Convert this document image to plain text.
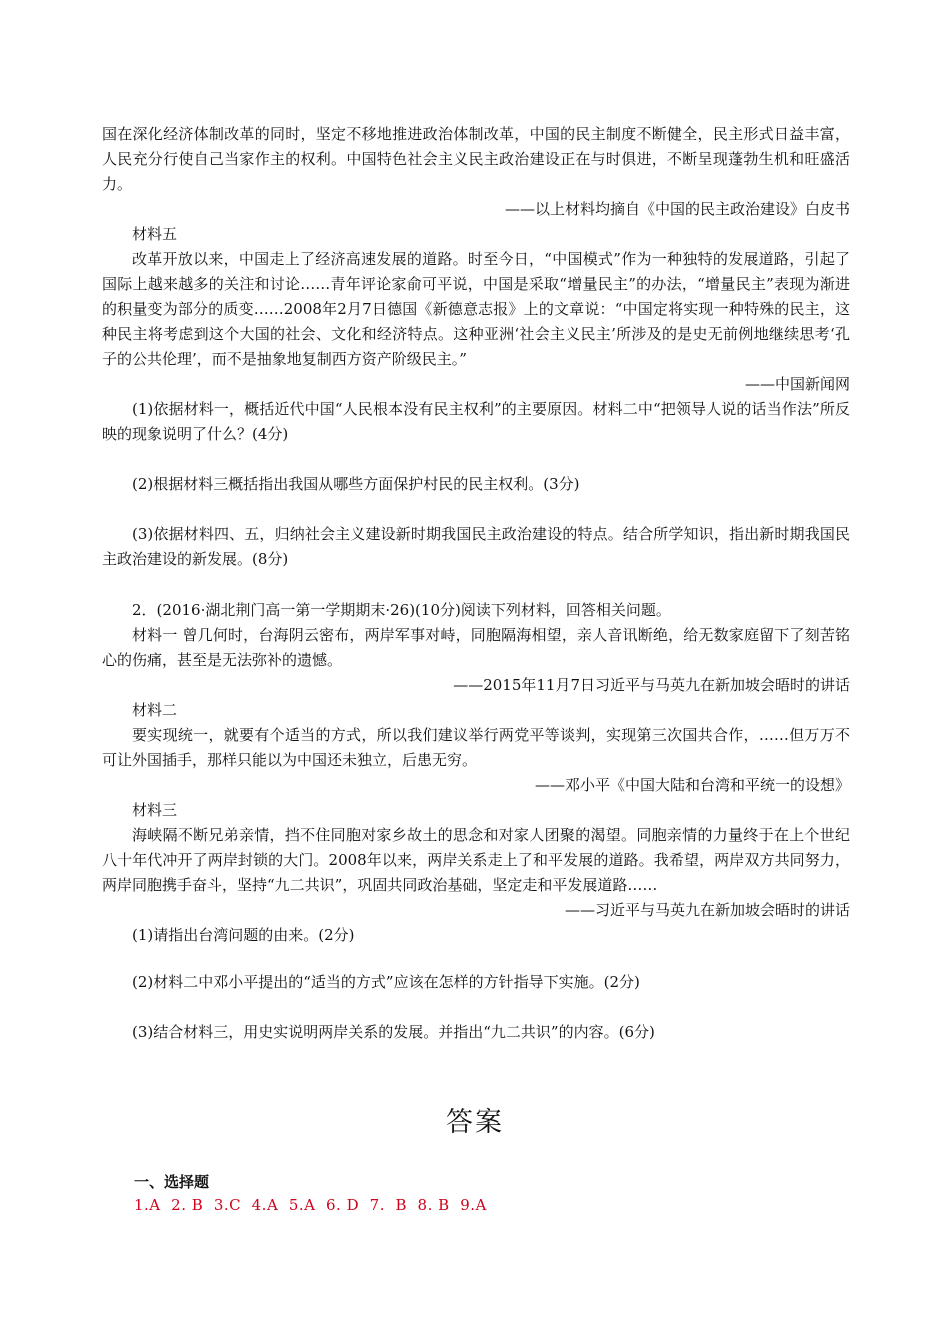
国在深化经济体制改革的同时，坚定不移地推进政治体制改革，中国的民主制度不断健全，民主形式日益丰富，人民充分行使自己当家作主的权利。中国特色社会主义民主政治建设正在与时俱进，不断呈现蓬勃生机和旺盛活力。

——以上材料均摘自《中国的民主政治建设》白皮书

材料五

改革开放以来，中国走上了经济高速发展的道路。时至今日，“中国模式”作为一种独特的发展道路，引起了国际上越来越多的关注和讨论……青年评论家俞可平说，中国是采取“增量民主”的办法，“增量民主”表现为渐进的积量变为部分的质变……2008年2月7日德国《新德意志报》上的文章说：“中国定将实现一种特殊的民主，这种民主将考虑到这个大国的社会、文化和经济特点。这种亚洲‘社会主义民主’所涉及的是史无前例地继续思考‘孔子的公共伦理’，而不是抽象地复制西方资产阶级民主。”

——中国新闻网

(1)依据材料一，概括近代中国“人民根本没有民主权利”的主要原因。材料二中“把领导人说的话当作法”所反映的现象说明了什么？(4分)

(2)根据材料三概括指出我国从哪些方面保护村民的民主权利。(3分)

(3)依据材料四、五，归纳社会主义建设新时期我国民主政治建设的特点。结合所学知识，指出新时期我国民主政治建设的新发展。(8分)

2．(2016·湖北荆门高一第一学期期末·26)(10分)阅读下列材料，回答相关问题。

材料一 曾几何时，台海阴云密布，两岸军事对峙，同胞隔海相望，亲人音讯断绝，给无数家庭留下了刻苦铭心的伤痛，甚至是无法弥补的遗憾。

——2015年11月7日习近平与马英九在新加坡会晤时的讲话

材料二

要实现统一，就要有个适当的方式，所以我们建议举行两党平等谈判，实现第三次国共合作，……但万万不可让外国插手，那样只能以为中国还未独立，后患无穷。

——邓小平《中国大陆和台湾和平统一的设想》

材料三

海峡隔不断兄弟亲情，挡不住同胞对家乡故土的思念和对家人团聚的渴望。同胞亲情的力量终于在上个世纪八十年代冲开了两岸封锁的大门。2008年以来，两岸关系走上了和平发展的道路。我希望，两岸双方共同努力，两岸同胞携手奋斗，坚持“九二共识”，巩固共同政治基础，坚定走和平发展道路……

——习近平与马英九在新加坡会晤时的讲话

(1)请指出台湾问题的由来。(2分)

(2)材料二中邓小平提出的“适当的方式”应该在怎样的方针指导下实施。(2分)

(3)结合材料三，用史实说明两岸关系的发展。并指出“九二共识”的内容。(6分)

答案
一、选择题
1.A  2. B  3.C  4.A  5.A  6. D  7.  B  8. B  9.A
